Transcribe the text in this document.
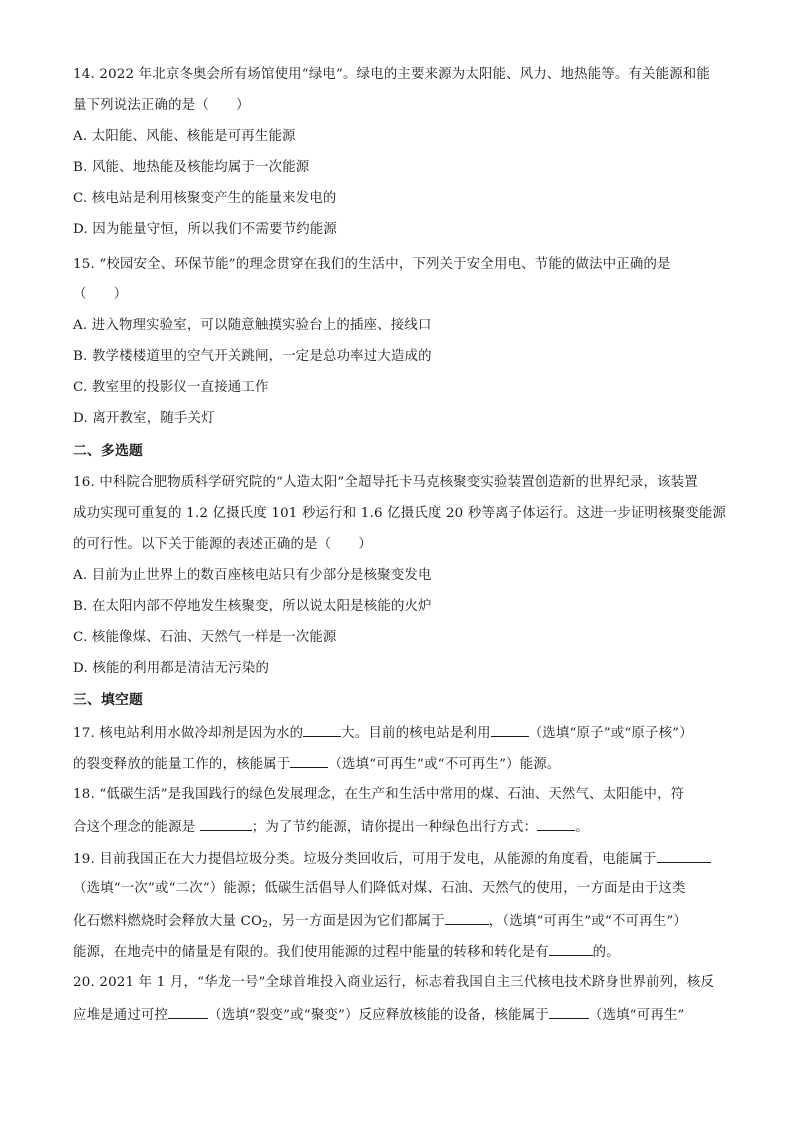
14. 2022 年北京冬奥会所有场馆使用“绿电”。绿电的主要来源为太阳能、风力、地热能等。有关能源和能
量下列说法正确的是（　　）
A. 太阳能、风能、核能是可再生能源
B. 风能、地热能及核能均属于一次能源
C. 核电站是利用核聚变产生的能量来发电的
D. 因为能量守恒，所以我们不需要节约能源
15. “校园安全、环保节能”的理念贯穿在我们的生活中，下列关于安全用电、节能的做法中正确的是
（　　）
A. 进入物理实验室，可以随意触摸实验台上的插座、接线口
B. 教学楼楼道里的空气开关跳闸，一定是总功率过大造成的
C. 教室里的投影仪一直接通工作
D. 离开教室，随手关灯
二、多选题
16. 中科院合肥物质科学研究院的“人造太阳”全超导托卡马克核聚变实验装置创造新的世界纪录，该装置
成功实现可重复的 1.2 亿摄氏度 101 秒运行和 1.6 亿摄氏度 20 秒等离子体运行。这进一步证明核聚变能源
的可行性。以下关于能源的表述正确的是（　　）
A. 目前为止世界上的数百座核电站只有少部分是核聚变发电
B. 在太阳内部不停地发生核聚变，所以说太阳是核能的火炉
C. 核能像煤、石油、天然气一样是一次能源
D. 核能的利用都是清洁无污染的
三、填空题
17. 核电站利用水做冷却剂是因为水的	大。目前的核电站是利用	（选填“原子”或“原子核”）
的裂变释放的能量工作的，核能属于	（选填“可再生”或“不可再生”）能源。
18. “低碳生活”是我国践行的绿色发展理念，在生产和生活中常用的煤、石油、天然气、太阳能中，符
合这个理念的能源是	；为了节约能源，请你提出一种绿色出行方式：	。
19. 目前我国正在大力提倡垃圾分类。垃圾分类回收后，可用于发电，从能源的角度看，电能属于
（选填“一次”或“二次”）能源；低碳生活倡导人们降低对煤、石油、天然气的使用，一方面是由于这类
化石燃料燃烧时会释放大量 $CO_2$，另一方面是因为它们都属于	，（选填“可再生”或“不可再生”）
能源，在地壳中的储量是有限的。我们使用能源的过程中能量的转移和转化是有	的。
20. 2021 年 1 月，“华龙一号”全球首堆投入商业运行，标志着我国自主三代核电技术跻身世界前列，核反
应堆是通过可控	（选填“裂变”或“聚变”）反应释放核能的设备，核能属于	（选填“可再生”
